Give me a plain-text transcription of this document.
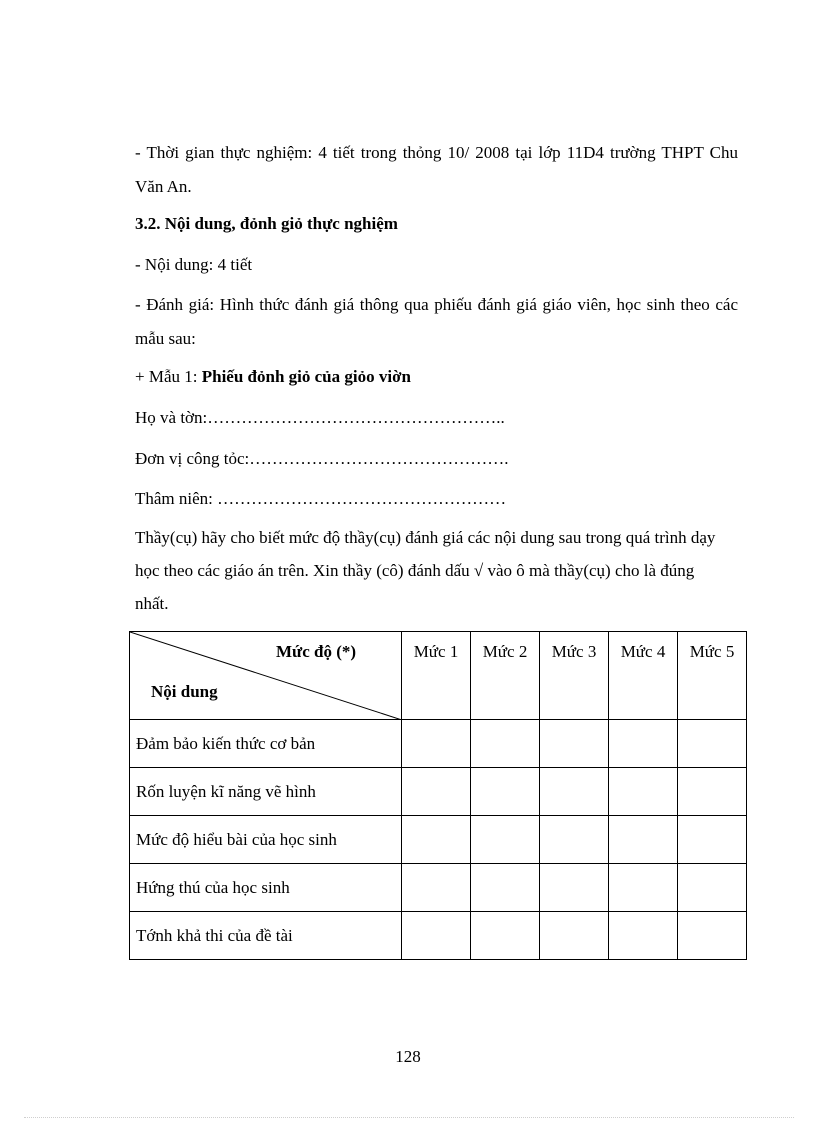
- Thời gian thực nghiệm: 4 tiết trong thỏng 10/ 2008 tại lớp 11D4 trường THPT Chu Văn An.

3.2. Nội dung, đỏnh giỏ thực nghiệm

- Nội dung: 4 tiết

- Đánh giá: Hình thức đánh giá thông qua phiếu đánh giá giáo viên, học sinh theo các mẫu sau:

+ Mẫu 1: Phiếu đỏnh giỏ của giỏo viờn

Họ và tờn:……………………………………………..

Đơn vị công tỏc:……………………………………….

Thâm niên: ……………………………………………

Thầy(cụ) hãy cho biết mức độ thầy(cụ) đánh giá các nội dung sau trong quá trình dạy học theo các giáo án trên. Xin thầy (cô) đánh dấu √ vào ô mà thầy(cụ) cho là đúng nhất.

Mức độ (*)
Nội dung	Mức 1	Mức 2	Mức 3	Mức 4	Mức 5
Đảm bảo kiến thức cơ bản					
Rốn luyện kĩ năng vẽ hình					
Mức độ hiểu bài của học sinh					
Hứng thú của học sinh					
Tớnh khả thi của đề tài					
128
